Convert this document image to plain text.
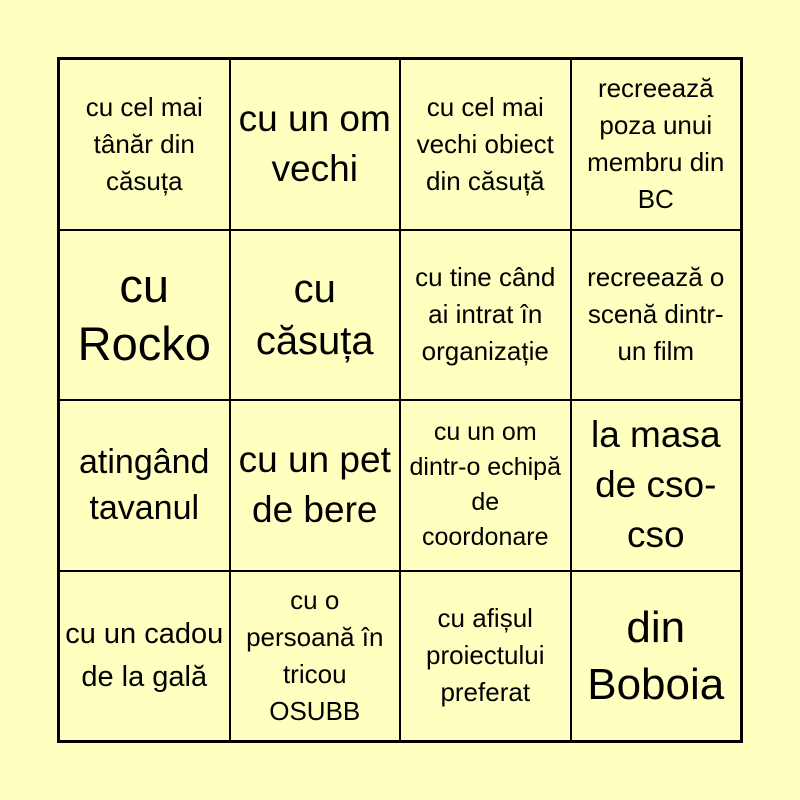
cu cel mai tânăr din căsuța
cu un om vechi
cu cel mai vechi obiect din căsuță
recreează poza unui membru din BC
cu Rocko
cu căsuța
cu tine când ai intrat în organizație
recreează o scenă dintr-un film
atingând tavanul
cu un pet de bere
cu un om dintr-o echipă de coordonare
la masa de cso-cso
cu un cadou de la gală
cu o persoană în tricou OSUBB
cu afișul proiectului preferat
din Boboia
